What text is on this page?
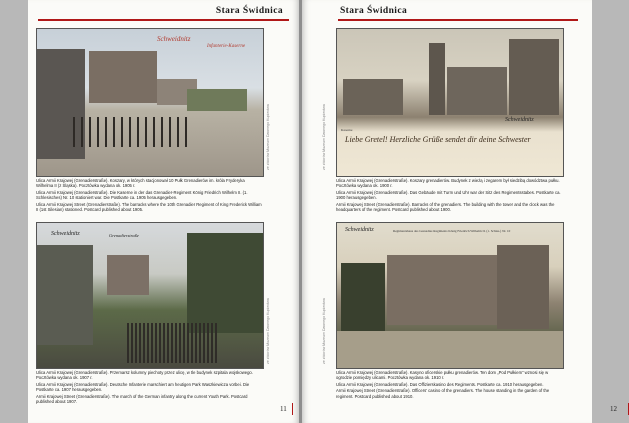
Stara Świdnica
Schweidnitz
Infanterie-Kaserne
ze zbiorów Muzeum Dawnego Kupiectwa

Ulica Armii Krajowej (Grenadierstraße). Koszary, w których stacjonował 10 Pułk Grenadierów im. króla Fryderyka Wilhelma II (z Śląska). Pocztówka wydana ok. 1905 r.

Ulica Armii Krajowej (Grenadierstraße). Die Kaserne in der das Grenadier-Regiment König Friedrich Wilhelm II. (1. Schlesisches) Nr. 10 stationiert war. Die Postkarte ca. 1905 herausgegeben.

Ulica Armii Krajowej Street (Grenadierstraße). The barracks where the 10th Grenadier Regiment of King Frederick William II (1st Silesian) stationed. Postcard published about 1905.

Schweidnitz	Grenadierstraße
ze zbiorów Muzeum Dawnego Kupiectwa

Ulica Armii Krajowej (Grenadierstraße). Przemarsz kolumny piechoty przez ulicę, w tle budynek szpitala wojskowego. Pocztówka wydana ok. 1907 r.

Ulica Armii Krajowej (Grenadierstraße). Deutsche Infanterie marschiert am heutigen Park Waszkiewicza vorbei. Die Postkarte ca. 1907 herausgegeben.

Armii Krajowej Street (Grenadierstraße). The march of the German infantry along the current Youth Park. Postcard published about 1907.

11
Stara Świdnica
Schweidnitz
Kaserne
Liebe Gretel! Herzliche Grüße sendet dir deine Schwester
ze zbiorów Muzeum Dawnego Kupiectwa

Ulica Armii Krajowej (Grenadierstraße). Koszary grenadierów. Budynek z wieżą i zegarem był siedzibą dowództwa pułku. Pocztówka wydana ok. 1900 r.

Ulica Armii Krajowej (Grenadierstraße). Das Gebäude mit Turm und Uhr war der Sitz des Regimentsstabes. Postkarte ca. 1900 herausgegeben.

Armii Krajowej Street (Grenadierstraße). Barracks of the grenadiers. The building with the tower and the clock was the headquarters of the regiment. Postcard published about 1900.

Schweidnitz	Regimentshaus des Grenadier-Regiments König Friedrich Wilhelm II. (1. Schles.) Nr. 10
ze zbiorów Muzeum Dawnego Kupiectwa

Ulica Armii Krajowej (Grenadierstraße). Kasyno oficerskie pułku grenadierów. Ten dom „Pod Pułkiem” wznosi się w ogrodzie pomiędzy ulicami. Pocztówka wydana ok. 1910 r.

Ulica Armii Krajowej (Grenadierstraße). Das Offizierskasino des Regiments. Postkarte ca. 1910 herausgegeben.

Armii Krajowej Street (Grenadierstraße). Officers' casino of the grenadiers. The house standing in the garden of the regiment. Postcard published about 1910.

12
